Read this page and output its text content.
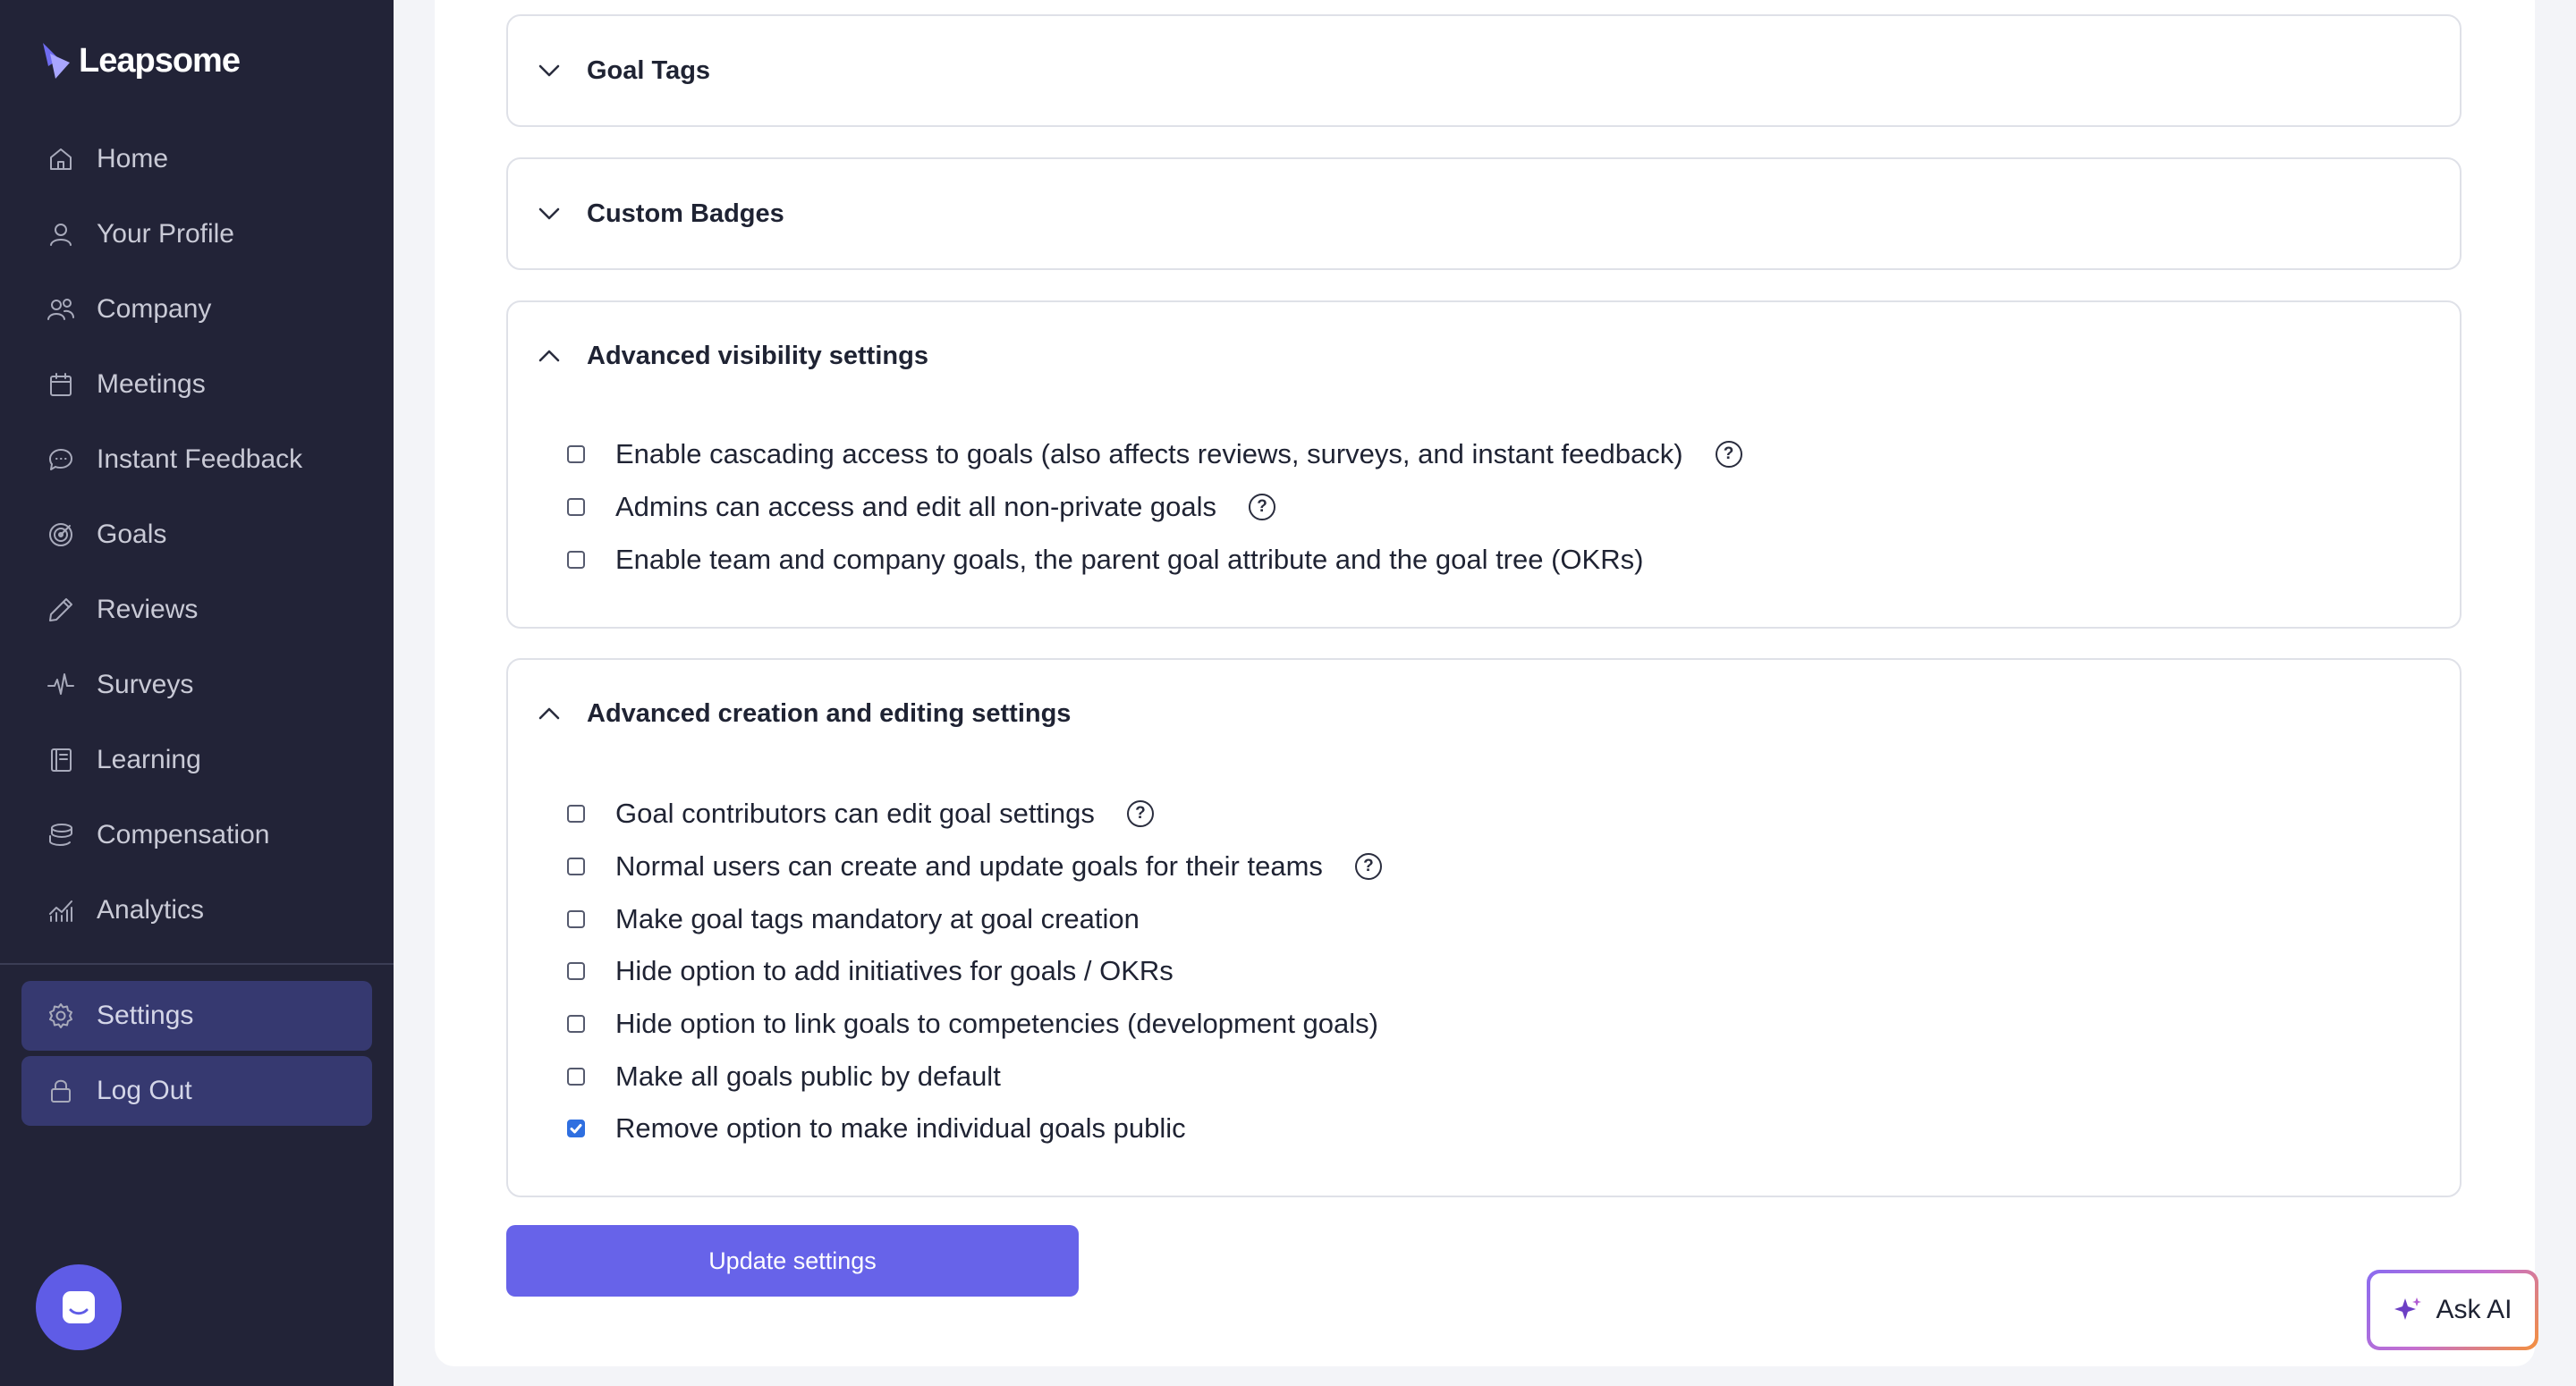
Leapsome
Home
Your Profile
Company
Meetings
Instant Feedback
Goals
Reviews
Surveys
Learning
Compensation
Analytics
Settings
Log Out
Goal Tags
Custom Badges
Advanced visibility settings
Enable cascading access to goals (also affects reviews, surveys, and instant feedback)	?
Admins can access and edit all non-private goals	?
Enable team and company goals, the parent goal attribute and the goal tree (OKRs)
Advanced creation and editing settings
Goal contributors can edit goal settings	?
Normal users can create and update goals for their teams	?
Make goal tags mandatory at goal creation
Hide option to add initiatives for goals / OKRs
Hide option to link goals to competencies (development goals)
Make all goals public by default
Remove option to make individual goals public
Update settings
Ask AI
